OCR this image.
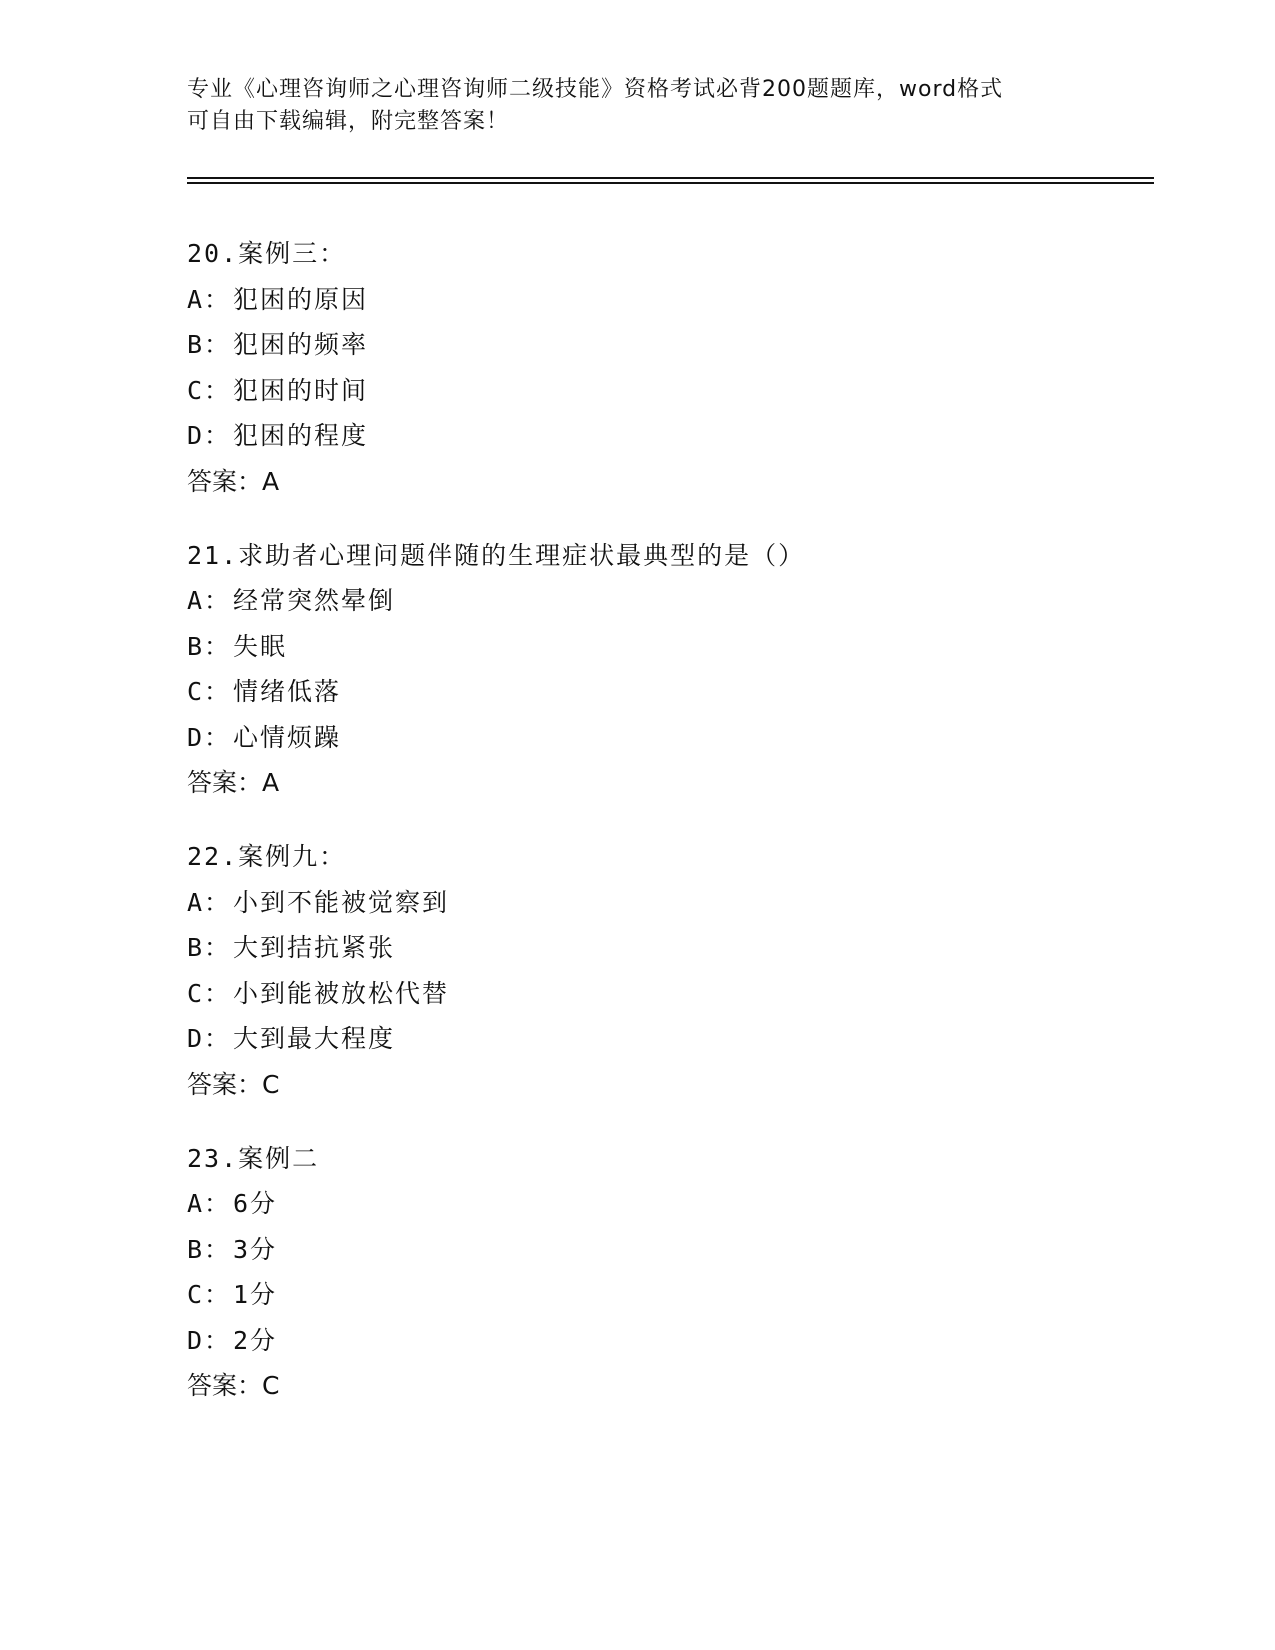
专业《心理咨询师之心理咨询师二级技能》资格考试必背200题题库，word格式
可自由下载编辑，附完整答案！
20.案例三：
A：犯困的原因
B：犯困的频率
C：犯困的时间
D：犯困的程度
答案：A
21.求助者心理问题伴随的生理症状最典型的是（）
A：经常突然晕倒
B：失眠
C：情绪低落
D：心情烦躁
答案：A
22.案例九：
A：小到不能被觉察到
B：大到拮抗紧张
C：小到能被放松代替
D：大到最大程度
答案：C
23.案例二
A：6分
B：3分
C：1分
D：2分
答案：C
